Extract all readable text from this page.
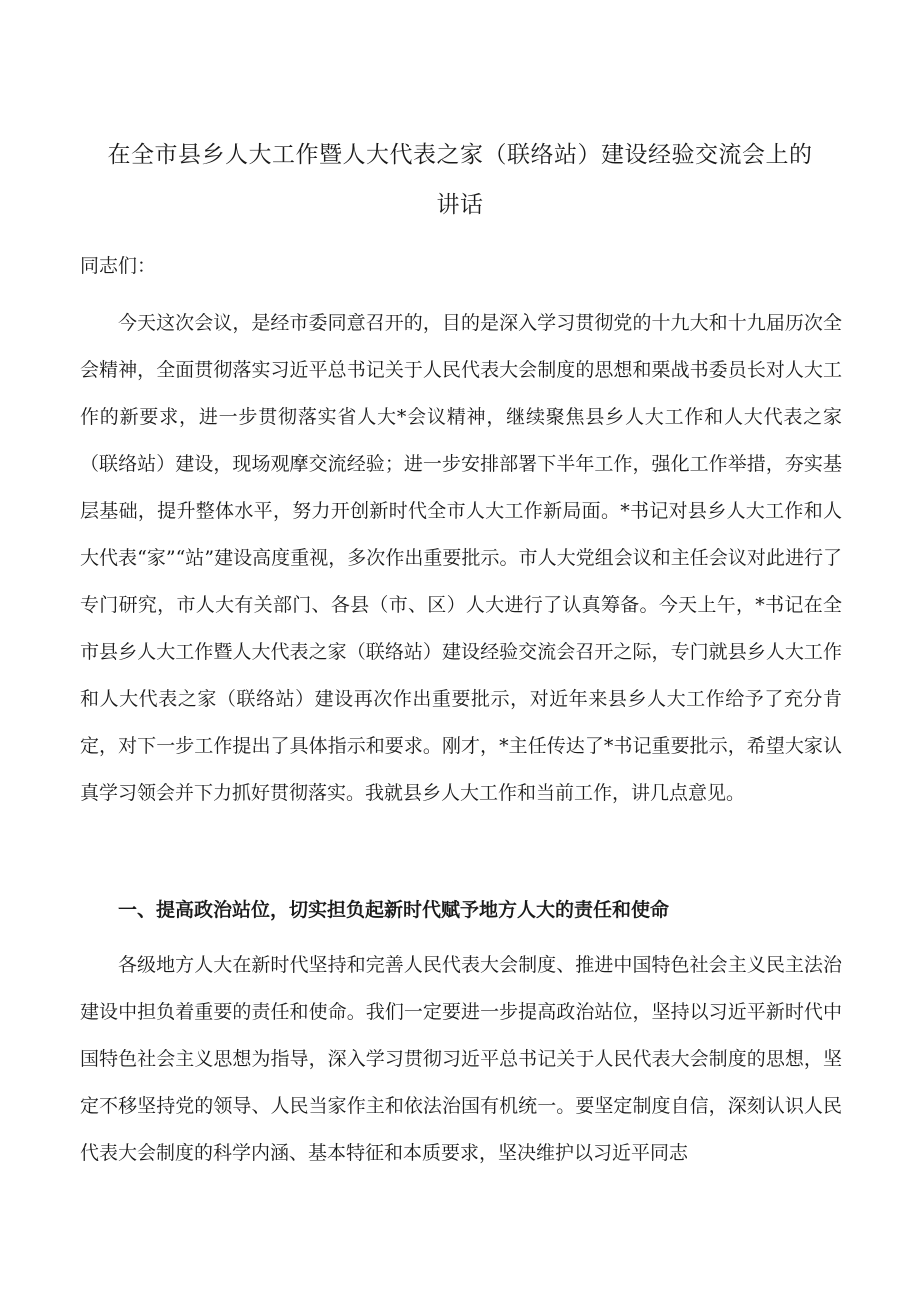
在全市县乡人大工作暨人大代表之家（联络站）建设经验交流会上的
讲话

同志们：

今天这次会议，是经市委同意召开的，目的是深入学习贯彻党的十九大和十九届历次全会精神，全面贯彻落实习近平总书记关于人民代表大会制度的思想和栗战书委员长对人大工作的新要求，进一步贯彻落实省人大*会议精神，继续聚焦县乡人大工作和人大代表之家（联络站）建设，现场观摩交流经验；进一步安排部署下半年工作，强化工作举措，夯实基层基础，提升整体水平，努力开创新时代全市人大工作新局面。*书记对县乡人大工作和人大代表“家”“站”建设高度重视，多次作出重要批示。市人大党组会议和主任会议对此进行了专门研究，市人大有关部门、各县（市、区）人大进行了认真筹备。今天上午，*书记在全市县乡人大工作暨人大代表之家（联络站）建设经验交流会召开之际，专门就县乡人大工作和人大代表之家（联络站）建设再次作出重要批示，对近年来县乡人大工作给予了充分肯定，对下一步工作提出了具体指示和要求。刚才，*主任传达了*书记重要批示，希望大家认真学习领会并下力抓好贯彻落实。我就县乡人大工作和当前工作，讲几点意见。

一、提高政治站位，切实担负起新时代赋予地方人大的责任和使命

各级地方人大在新时代坚持和完善人民代表大会制度、推进中国特色社会主义民主法治建设中担负着重要的责任和使命。我们一定要进一步提高政治站位，坚持以习近平新时代中国特色社会主义思想为指导，深入学习贯彻习近平总书记关于人民代表大会制度的思想，坚定不移坚持党的领导、人民当家作主和依法治国有机统一。要坚定制度自信，深刻认识人民代表大会制度的科学内涵、基本特征和本质要求，坚决维护以习近平同志
